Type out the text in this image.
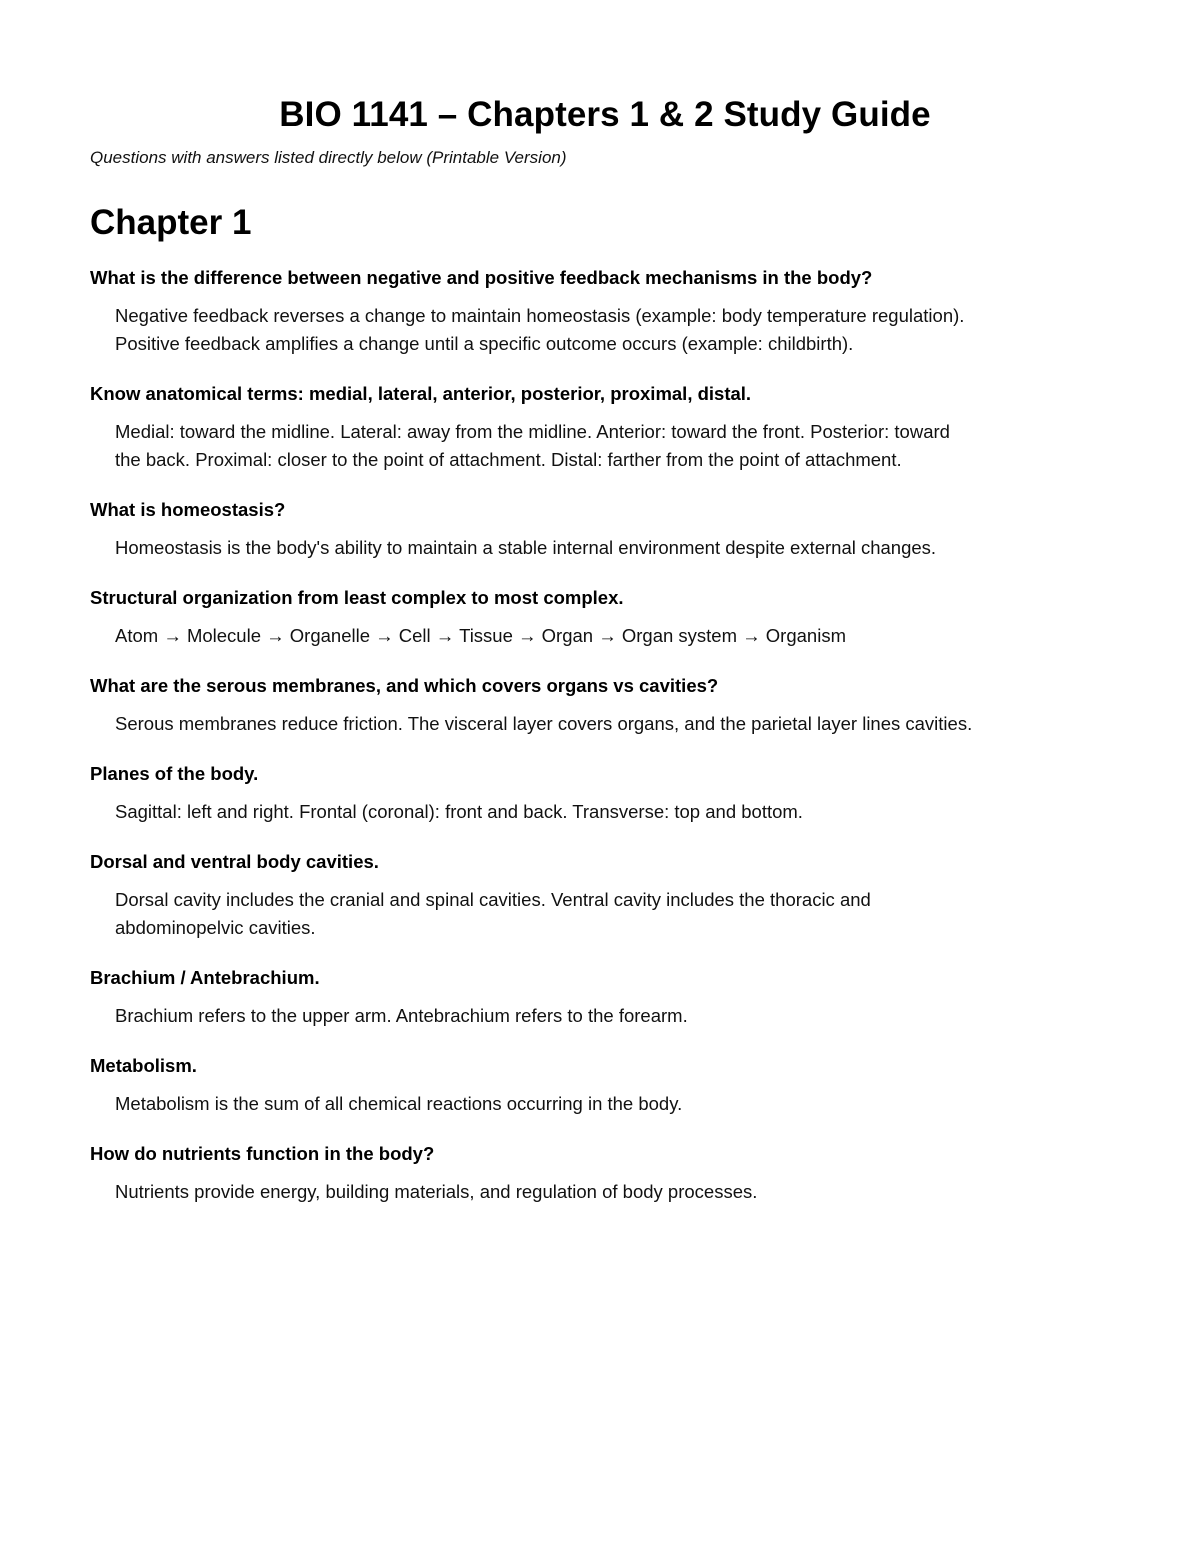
BIO 1141 – Chapters 1 & 2 Study Guide
Questions with answers listed directly below (Printable Version)
Chapter 1
What is the difference between negative and positive feedback mechanisms in the body?
Negative feedback reverses a change to maintain homeostasis (example: body temperature regulation).
Positive feedback amplifies a change until a specific outcome occurs (example: childbirth).
Know anatomical terms: medial, lateral, anterior, posterior, proximal, distal.
Medial: toward the midline. Lateral: away from the midline. Anterior: toward the front. Posterior: toward
the back. Proximal: closer to the point of attachment. Distal: farther from the point of attachment.
What is homeostasis?
Homeostasis is the body's ability to maintain a stable internal environment despite external changes.
Structural organization from least complex to most complex.
Atom → Molecule → Organelle → Cell → Tissue → Organ → Organ system → Organism
What are the serous membranes, and which covers organs vs cavities?
Serous membranes reduce friction. The visceral layer covers organs, and the parietal layer lines cavities.
Planes of the body.
Sagittal: left and right. Frontal (coronal): front and back. Transverse: top and bottom.
Dorsal and ventral body cavities.
Dorsal cavity includes the cranial and spinal cavities. Ventral cavity includes the thoracic and
abdominopelvic cavities.
Brachium / Antebrachium.
Brachium refers to the upper arm. Antebrachium refers to the forearm.
Metabolism.
Metabolism is the sum of all chemical reactions occurring in the body.
How do nutrients function in the body?
Nutrients provide energy, building materials, and regulation of body processes.
